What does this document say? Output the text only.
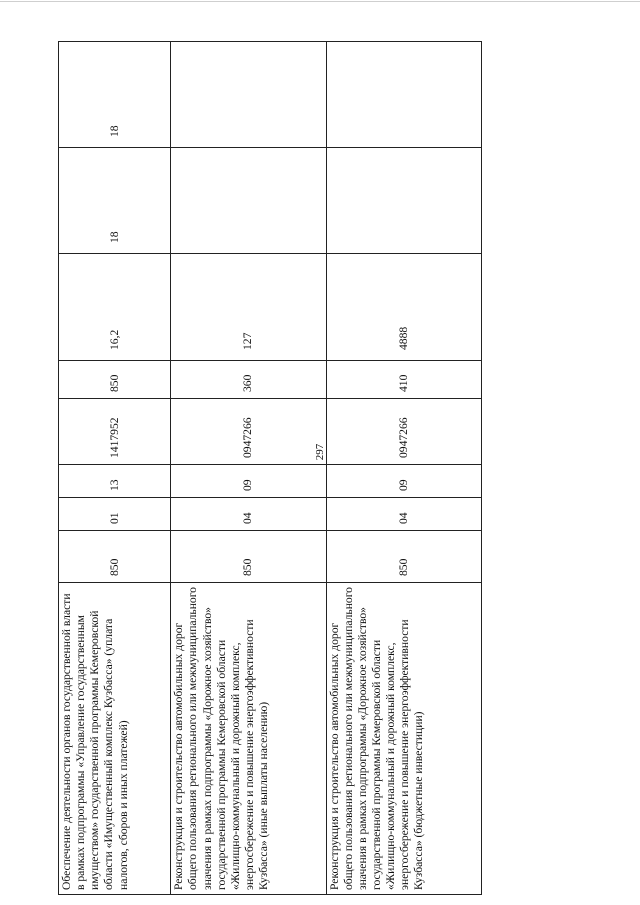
297
Обеспечение деятельности органов государственной власти в рамках подпрограммы «Управление государственным имуществом» государственной программы Кемеровской области «Имущественный комплекс Кузбасса» (уплата налогов, сборов и иных платежей)	850	01	13	1417952	850	16,2	18	18
Реконструкция и строительство автомобильных дорог общего пользования регионального или межмуниципального значения в рамках подпрограммы «Дорожное хозяйство» государственной программы Кемеровской области «Жилищно-коммунальный и дорожный комплекс, энергосбережение и повышение энергоэффективности Кузбасса» (иные выплаты населению)	850	04	09	0947266	360	127		
Реконструкция и строительство автомобильных дорог общего пользования регионального или межмуниципального значения в рамках подпрограммы «Дорожное хозяйство» государственной программы Кемеровской области «Жилищно-коммунальный и дорожный комплекс, энергосбережение и повышение энергоэффективности Кузбасса» (бюджетные инвестиции)	850	04	09	0947266	410	4888		
